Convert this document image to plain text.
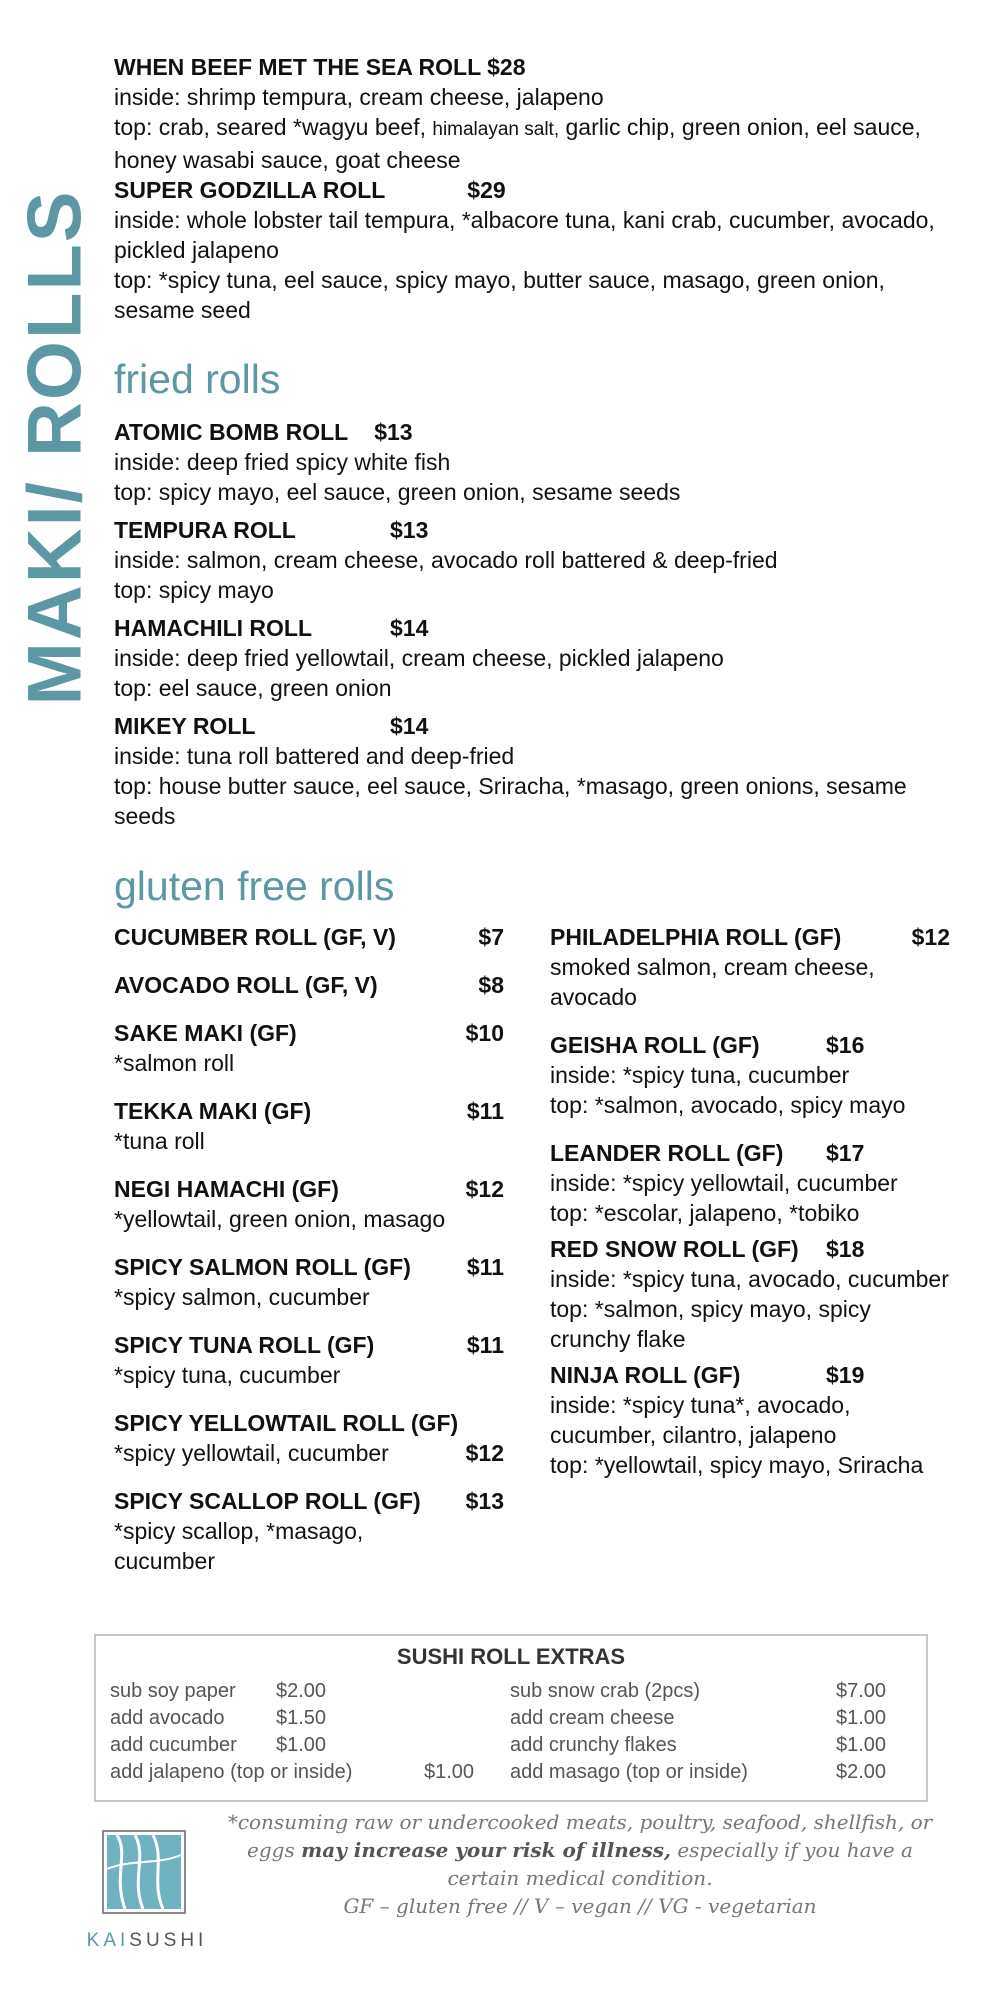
MAKI/ ROLLS
WHEN BEEF MET THE SEA ROLL $28
inside: shrimp tempura, cream cheese, jalapeno
top: crab, seared *wagyu beef, himalayan salt, garlic chip, green onion, eel sauce, honey wasabi sauce, goat cheese
SUPER GODZILLA ROLL	$29
inside: whole lobster tail tempura, *albacore tuna, kani crab, cucumber, avocado, pickled jalapeno
top: *spicy tuna, eel sauce, spicy mayo, butter sauce, masago, green onion, sesame seed
fried rolls
ATOMIC BOMB ROLL $13
inside: deep fried spicy white fish
top: spicy mayo, eel sauce, green onion, sesame seeds
TEMPURA ROLL	$13
inside: salmon, cream cheese, avocado roll battered & deep-fried
top: spicy mayo
HAMACHILI ROLL	$14
inside: deep fried yellowtail, cream cheese, pickled jalapeno
top: eel sauce, green onion
MIKEY ROLL	$14
inside: tuna roll battered and deep-fried
top: house butter sauce, eel sauce, Sriracha, *masago, green onions, sesame seeds
gluten free rolls
CUCUMBER ROLL (GF, V)	$7
AVOCADO ROLL (GF, V)	$8
SAKE MAKI (GF)	$10
*salmon roll
TEKKA MAKI (GF)	$11
*tuna roll
NEGI HAMACHI (GF)	$12
*yellowtail, green onion, masago
SPICY SALMON ROLL (GF) $11
*spicy salmon, cucumber
SPICY TUNA ROLL (GF)	$11
*spicy tuna, cucumber
SPICY YELLOWTAIL ROLL (GF)
*spicy yellowtail, cucumber	$12
SPICY SCALLOP ROLL (GF) $13
*spicy scallop, *masago, cucumber
PHILADELPHIA ROLL (GF)	$12
smoked salmon, cream cheese, avocado
GEISHA ROLL (GF)	$16
inside: *spicy tuna, cucumber
top: *salmon, avocado, spicy mayo
LEANDER ROLL (GF) $17
inside: *spicy yellowtail, cucumber
top: *escolar, jalapeno, *tobiko
RED SNOW ROLL (GF) $18
inside: *spicy tuna, avocado, cucumber
top: *salmon, spicy mayo, spicy crunchy flake
NINJA ROLL (GF)	$19
inside: *spicy tuna*, avocado, cucumber, cilantro, jalapeno
top: *yellowtail, spicy mayo, Sriracha
SUSHI ROLL EXTRAS
sub soy paper $2.00	sub snow crab (2pcs)	$7.00
add avocado	$1.50	add cream cheese	$1.00
add cucumber $1.00	add crunchy flakes	$1.00
add jalapeno (top or inside)	$1.00 add masago (top or inside)	$2.00
KAISUSHI
*consuming raw or undercooked meats, poultry, seafood, shellfish, or
eggs may increase your risk of illness, especially if you have a
certain medical condition.
GF – gluten free // V – vegan // VG - vegetarian
